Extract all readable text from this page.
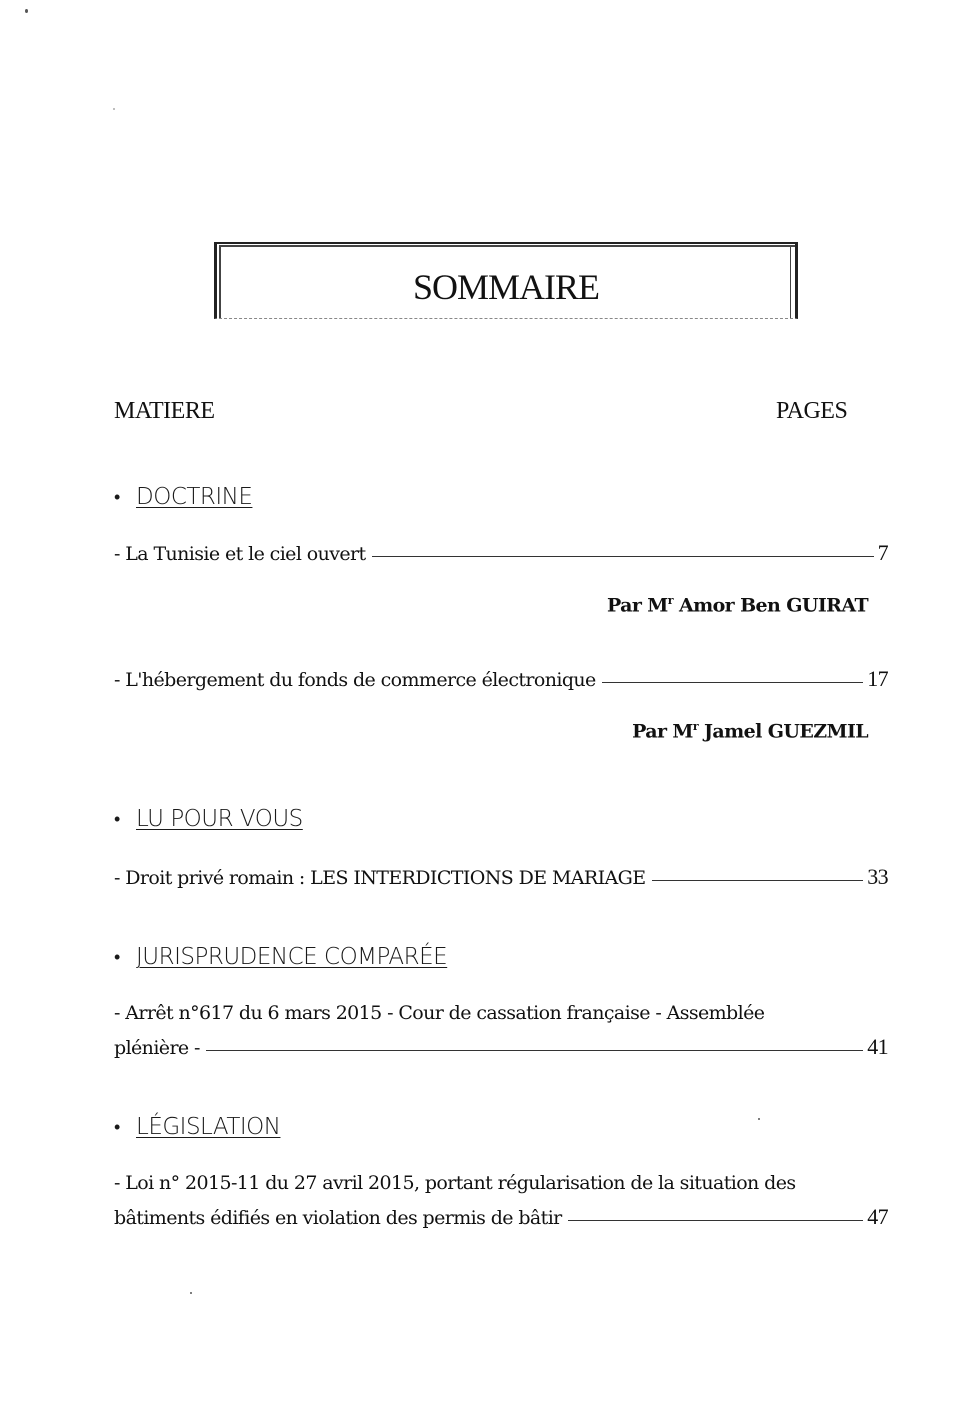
SOMMAIRE
MATIERE	PAGES
• DOCTRINE
- La Tunisie et le ciel ouvert	7
Par $M^r$ Amor Ben GUIRAT
- L'hébergement du fonds de commerce électronique	17
Par $M^r$ Jamel GUEZMIL
• LU POUR VOUS
- Droit privé romain : LES INTERDICTIONS DE MARIAGE	33
• JURISPRUDENCE COMPARÉE
- Arrêt n°617 du 6 mars 2015 - Cour de cassation française - Assemblée
plénière -	41
• LÉGISLATION
- Loi n° 2015-11 du 27 avril 2015, portant régularisation de la situation des
bâtiments édifiés en violation des permis de bâtir	47
